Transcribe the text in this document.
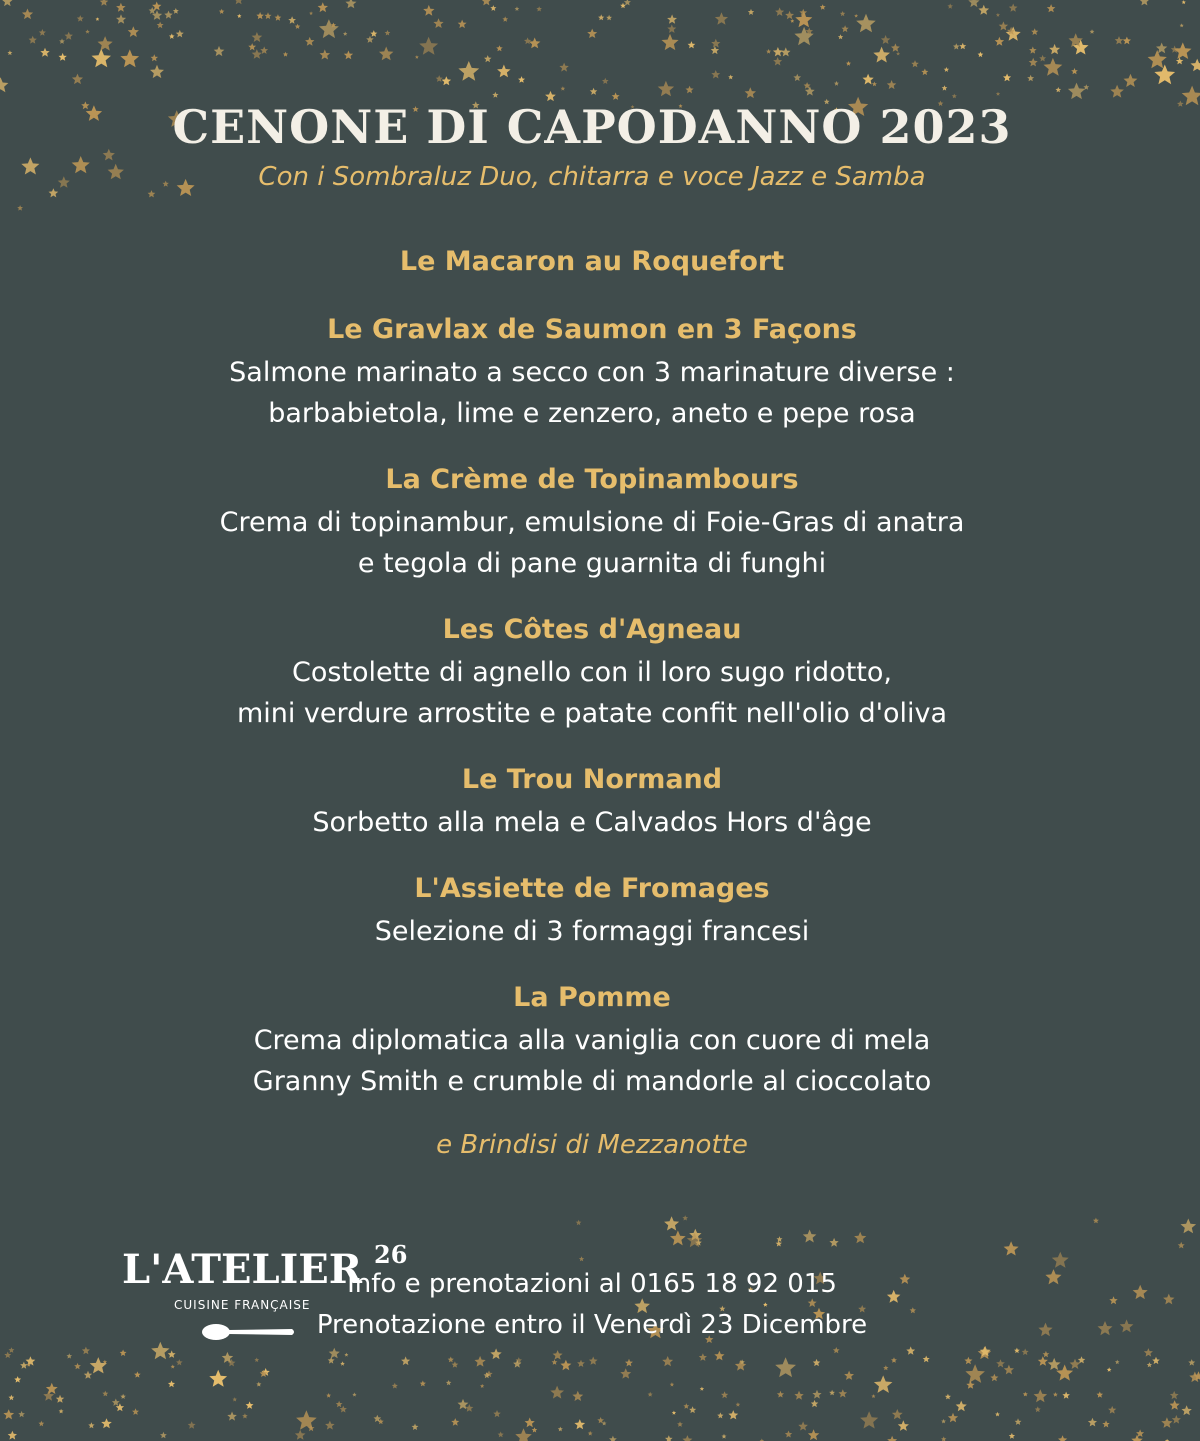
CENONE DI CAPODANNO 2023
Con i Sombraluz Duo, chitarra e voce Jazz e Samba
Le Macaron au Roquefort
Le Gravlax de Saumon en 3 Façons
Salmone marinato a secco con 3 marinature diverse :
barbabietola, lime e zenzero, aneto e pepe rosa
La Crème de Topinambours
Crema di topinambur, emulsione di Foie-Gras di anatra
e tegola di pane guarnita di funghi
Les Côtes d'Agneau
Costolette di agnello con il loro sugo ridotto,
mini verdure arrostite e patate confit nell'olio d'oliva
Le Trou Normand
Sorbetto alla mela e Calvados Hors d'âge
L'Assiette de Fromages
Selezione di 3 formaggi francesi
La Pomme
Crema diplomatica alla vaniglia con cuore di mela
Granny Smith e crumble di mandorle al cioccolato
e Brindisi di Mezzanotte
L'ATELIER 26
CUISINE FRANÇAISE
Info e prenotazioni al 0165 18 92 015
Prenotazione entro il Venerdì 23 Dicembre
